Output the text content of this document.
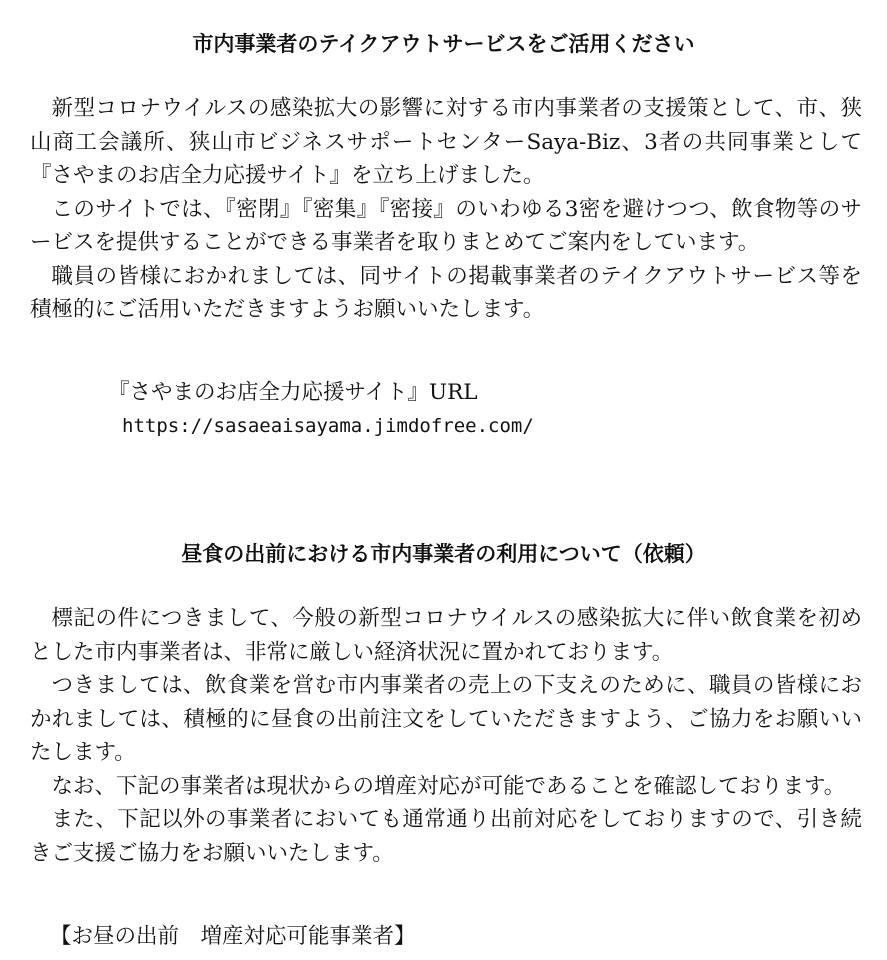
市内事業者のテイクアウトサービスをご活用ください

新型コロナウイルスの感染拡大の影響に対する市内事業者の支援策として、市、狭山商工会議所、狭山市ビジネスサポートセンターSaya-Biz、3者の共同事業として『さやまのお店全力応援サイト』を立ち上げました。

このサイトでは、『密閉』『密集』『密接』のいわゆる3密を避けつつ、飲食物等のサービスを提供することができる事業者を取りまとめてご案内をしています。

職員の皆様におかれましては、同サイトの掲載事業者のテイクアウトサービス等を積極的にご活用いただきますようお願いいたします。

『さやまのお店全力応援サイト』URL
https://sasaeaisayama.jimdofree.com/
昼食の出前における市内事業者の利用について（依頼）

標記の件につきまして、今般の新型コロナウイルスの感染拡大に伴い飲食業を初めとした市内事業者は、非常に厳しい経済状況に置かれております。

つきましては、飲食業を営む市内事業者の売上の下支えのために、職員の皆様におかれましては、積極的に昼食の出前注文をしていただきますよう、ご協力をお願いいたします。

なお、下記の事業者は現状からの増産対応が可能であることを確認しております。

また、下記以外の事業者においても通常通り出前対応をしておりますので、引き続きご支援ご協力をお願いいたします。

【お昼の出前　増産対応可能事業者】
